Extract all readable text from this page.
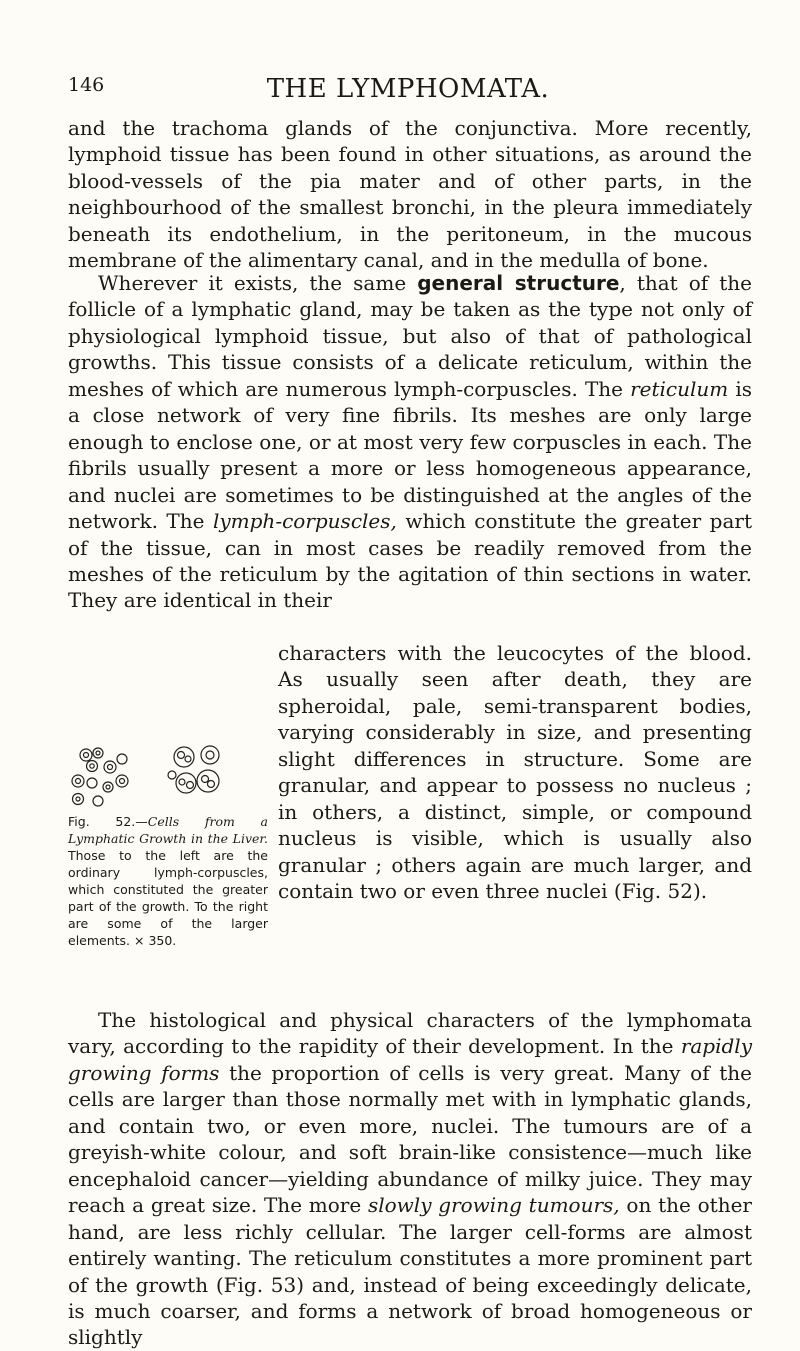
146	THE LYMPHOMATA.

and the trachoma glands of the conjunctiva. More recently, lymphoid tissue has been found in other situations, as around the blood-vessels of the pia mater and of other parts, in the neighbourhood of the smallest bronchi, in the pleura immediately beneath its endothelium, in the peritoneum, in the mucous membrane of the alimentary canal, and in the medulla of bone.

Wherever it exists, the same general structure, that of the follicle of a lymphatic gland, may be taken as the type not only of physiological lymphoid tissue, but also of that of pathological growths. This tissue consists of a delicate reticulum, within the meshes of which are numerous lymph-corpuscles. The reticulum is a close network of very fine fibrils. Its meshes are only large enough to enclose one, or at most very few corpuscles in each. The fibrils usually present a more or less homogeneous appearance, and nuclei are sometimes to be distinguished at the angles of the network. The lymph-corpuscles, which constitute the greater part of the tissue, can in most cases be readily removed from the meshes of the reticulum by the agitation of thin sections in water. They are identical in their

characters with the leucocytes of the blood. As usually seen after death, they are spheroidal, pale, semi-transparent bodies, varying considerably in size, and presenting slight differences in structure. Some are granular, and appear to possess no nucleus ; in others, a distinct, simple, or compound nucleus is visible, which is usually also granular ; others again are much larger, and contain two or even three nuclei (Fig. 52).
Fig. 52.—Cells from a Lymphatic Growth in the Liver. Those to the left are the ordinary lymph-corpuscles, which constituted the greater part of the growth. To the right are some of the larger elements. × 350.

The histological and physical characters of the lymphomata vary, according to the rapidity of their development. In the rapidly growing forms the proportion of cells is very great. Many of the cells are larger than those normally met with in lymphatic glands, and contain two, or even more, nuclei. The tumours are of a greyish-white colour, and soft brain-like consistence—much like encephaloid cancer—yielding abundance of milky juice. They may reach a great size. The more slowly growing tumours, on the other hand, are less richly cellular. The larger cell-forms are almost entirely wanting. The reticulum constitutes a more prominent part of the growth (Fig. 53) and, instead of being exceedingly delicate, is much coarser, and forms a network of broad homogeneous or slightly
